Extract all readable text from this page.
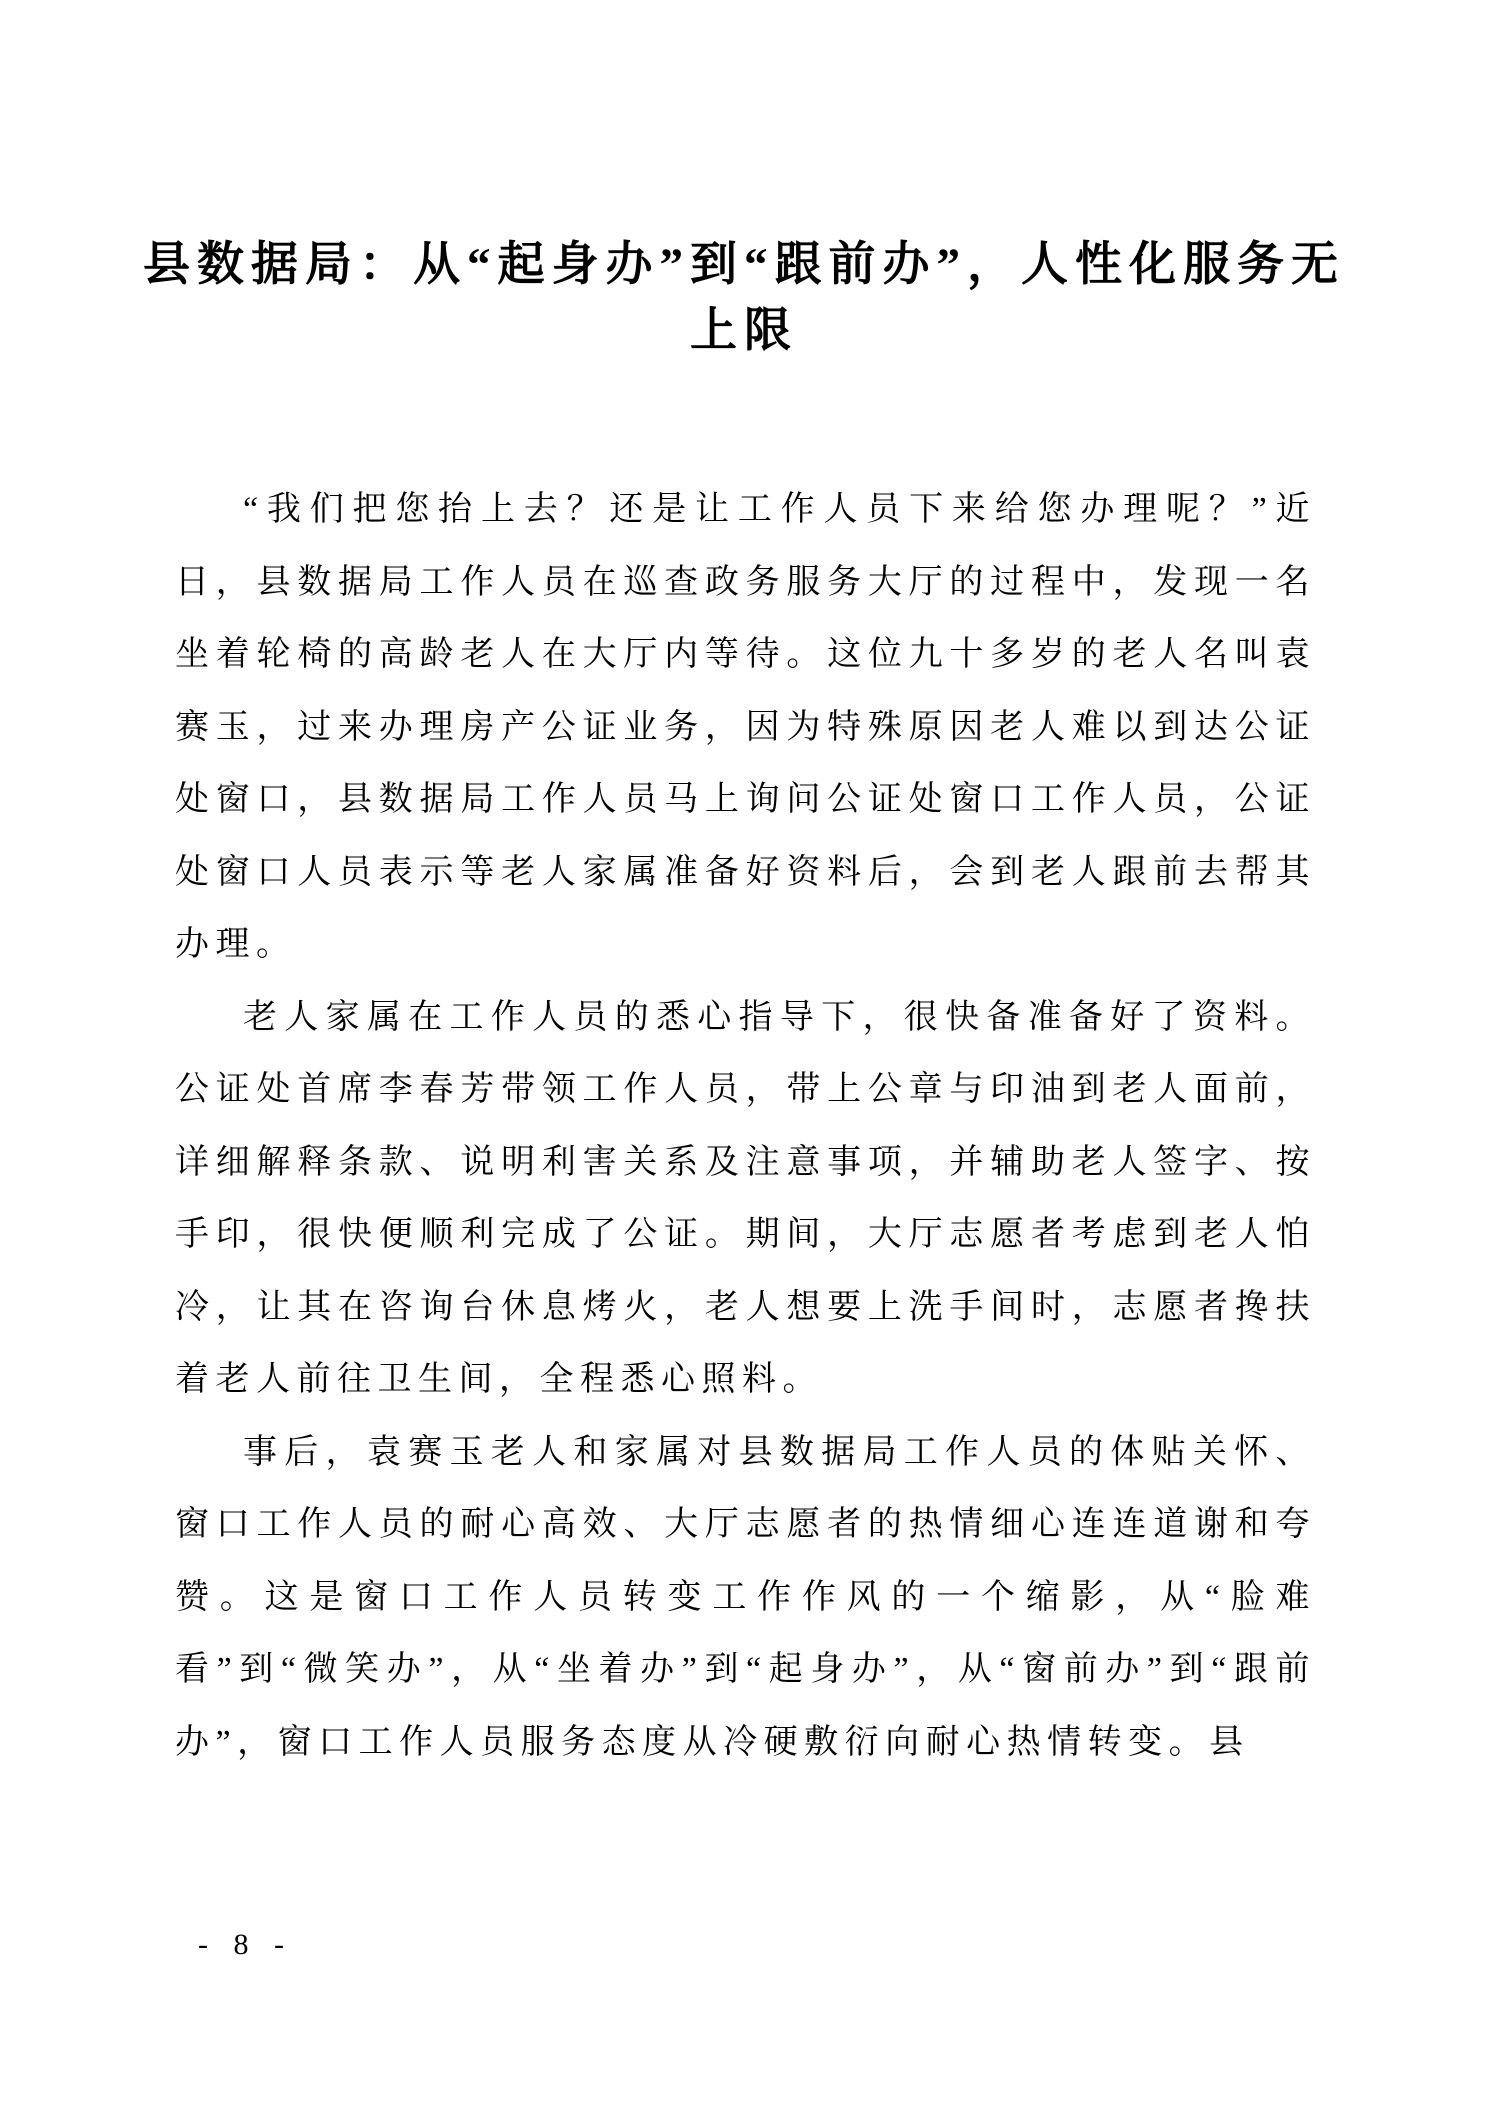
县数据局：从“起身办”到“跟前办”，人性化服务无上限

“我们把您抬上去？还是让工作人员下来给您办理呢？”近日，县数据局工作人员在巡查政务服务大厅的过程中，发现一名坐着轮椅的高龄老人在大厅内等待。这位九十多岁的老人名叫袁赛玉，过来办理房产公证业务，因为特殊原因老人难以到达公证处窗口，县数据局工作人员马上询问公证处窗口工作人员，公证处窗口人员表示等老人家属准备好资料后，会到老人跟前去帮其办理。

老人家属在工作人员的悉心指导下，很快备准备好了资料。公证处首席李春芳带领工作人员，带上公章与印油到老人面前，详细解释条款、说明利害关系及注意事项，并辅助老人签字、按手印，很快便顺利完成了公证。期间，大厅志愿者考虑到老人怕冷，让其在咨询台休息烤火，老人想要上洗手间时，志愿者搀扶着老人前往卫生间，全程悉心照料。

事后，袁赛玉老人和家属对县数据局工作人员的体贴关怀、窗口工作人员的耐心高效、大厅志愿者的热情细心连连道谢和夸赞。这是窗口工作人员转变工作作风的一个缩影，从“脸难看”到“微笑办”，从“坐着办”到“起身办”，从“窗前办”到“跟前办”，窗口工作人员服务态度从冷硬敷衍向耐心热情转变。县

- 8 -
